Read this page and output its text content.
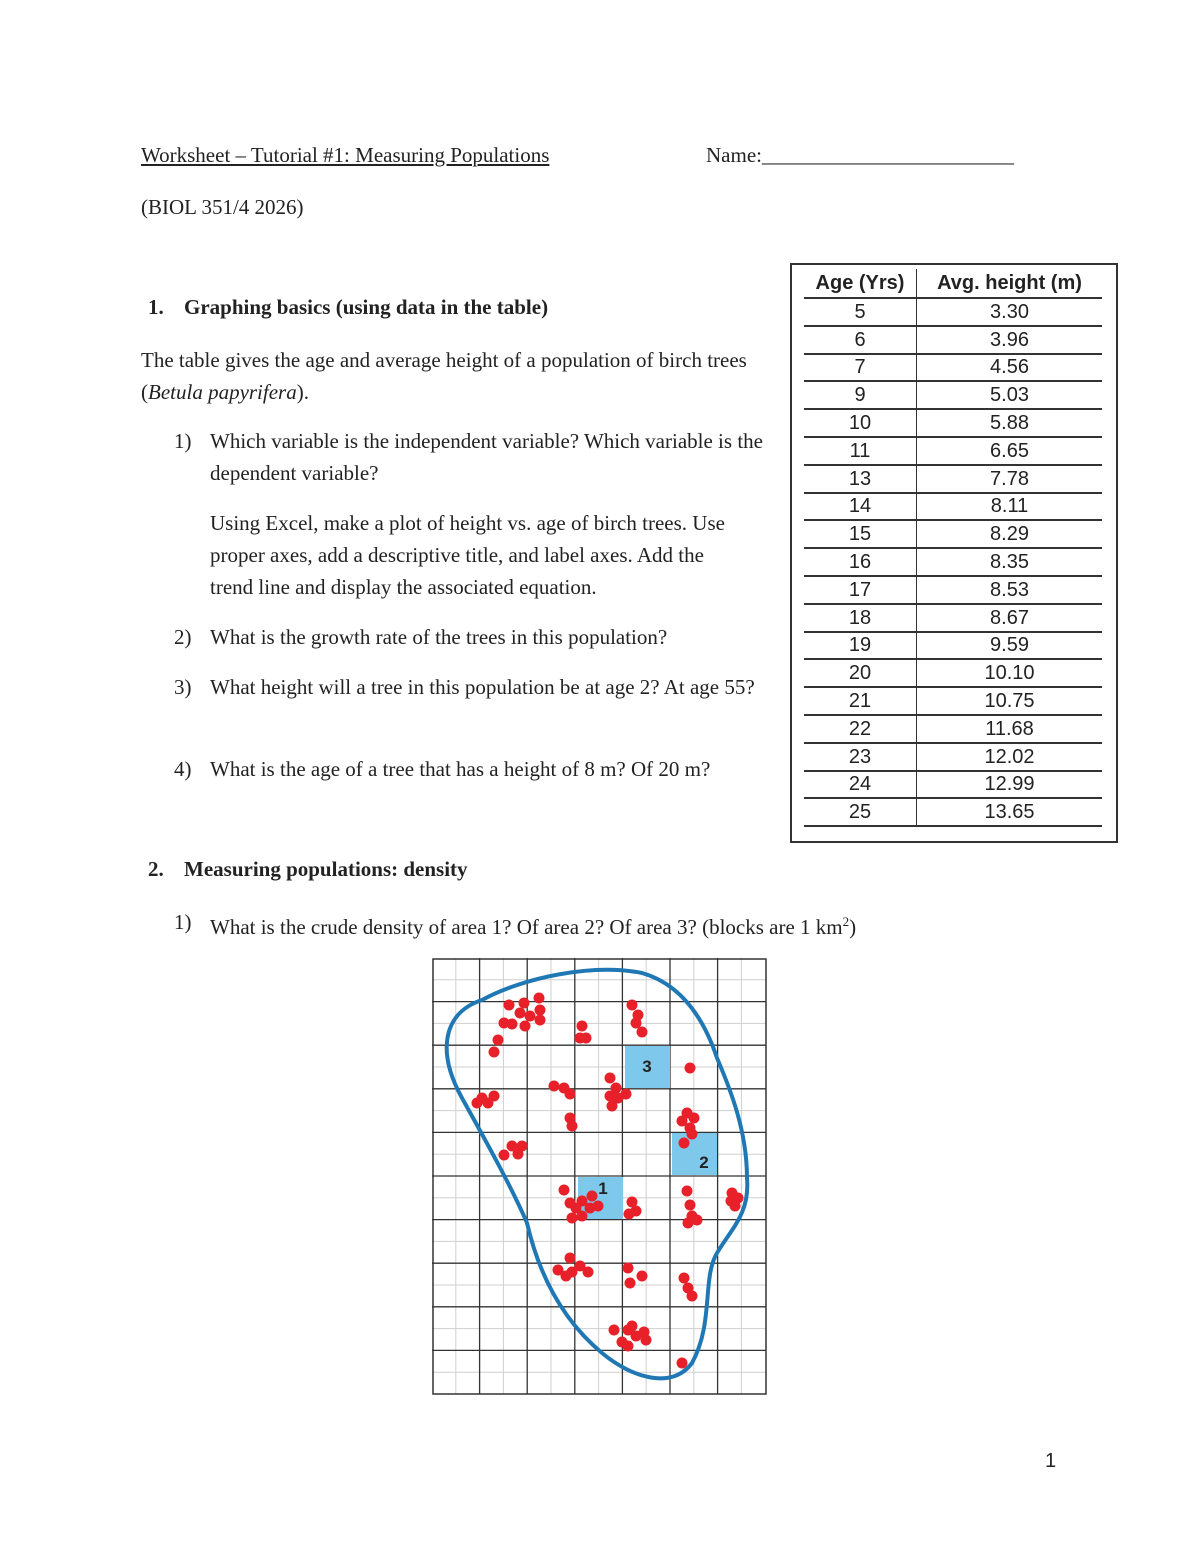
Worksheet – Tutorial #1: Measuring Populations	Name:________________________
(BIOL 351/4 2026)
1. Graphing basics (using data in the table)
The table gives the age and average height of a population of birch trees (Betula papyrifera).
1) Which variable is the independent variable? Which variable is the dependent variable?
Using Excel, make a plot of height vs. age of birch trees. Use proper axes, add a descriptive title, and label axes. Add the trend line and display the associated equation.
2) What is the growth rate of the trees in this population?
3) What height will a tree in this population be at age 2? At age 55?
4) What is the age of a tree that has a height of 8 m? Of 20 m?
Age (Yrs)	Avg. height (m)
5	3.30
6	3.96
7	4.56
9	5.03
10	5.88
11	6.65
13	7.78
14	8.11
15	8.29
16	8.35
17	8.53
18	8.67
19	9.59
20	10.10
21	10.75
22	11.68
23	12.02
24	12.99
25	13.65
2. Measuring populations: density
1) What is the crude density of area 1? Of area 2? Of area 3? (blocks are 1 $km^2$)
3
2
1
1
